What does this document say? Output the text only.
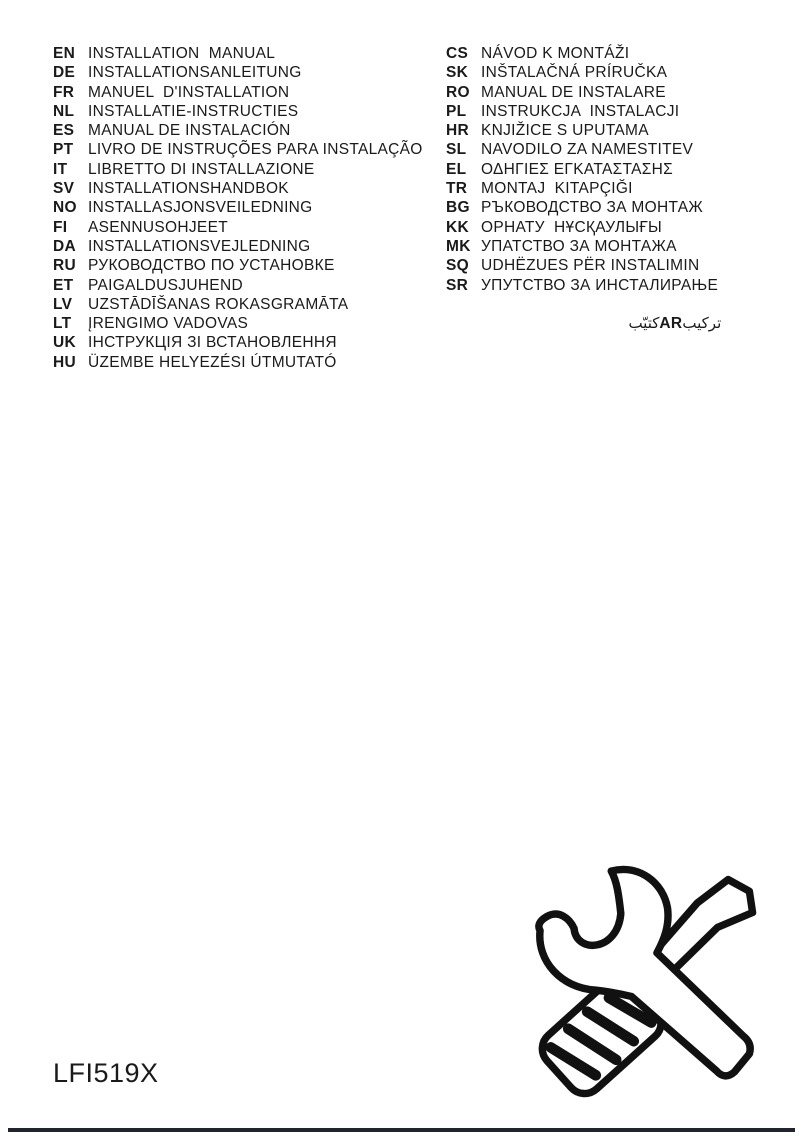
EN INSTALLATION  MANUAL
DE INSTALLATIONSANLEITUNG
FR MANUEL  D'INSTALLATION
NL INSTALLATIE-INSTRUCTIES
ES MANUAL DE INSTALACIÓN
PT LIVRO DE INSTRUÇÕES PARA INSTALAÇÃO
IT	LIBRETTO DI INSTALLAZIONE
SV INSTALLATIONSHANDBOK
NO INSTALLASJONSVEILEDNING
FI	ASENNUSOHJEET
DA INSTALLATIONSVEJLEDNING
RU РУКОВОДСТВО ПО УСТАНОВКЕ
ET PAIGALDUSJUHEND
LV	UZSTĀDĪŠANAS ROKASGRAMĀTA
LT	ĮRENGIMO VADOVAS
UK ІНСТРУКЦІЯ ЗІ ВСТАНОВЛЕННЯ
HU ÜZEMBE HELYEZÉSI ÚTMUTATÓ
CS NÁVOD K MONTÁŽI
SK INŠTALAČNÁ PRÍRUČKA
RO MANUAL DE INSTALARE
PL INSTRUKCJA  INSTALACJI
HR KNJIŽICE S UPUTAMA
SL NAVODILO ZA NAMESTITEV
EL ΟΔΗΓΙΕΣ ΕΓΚΑΤΑΣΤΑΣΗΣ
TR MONTAJ  KITAPÇIĞI
BG РЪКОВОДСТВО ЗА МОНТАЖ
KK ОРНАТУ  НҰСҚАУЛЫҒЫ
MK УПАТСТВО ЗА МОНТАЖА
SQ UDHËZUES PËR INSTALIMIN
SR УПУТСТВО ЗА ИНСТАЛИРАЊЕ

كتيّبARتركيب

LFI519X
